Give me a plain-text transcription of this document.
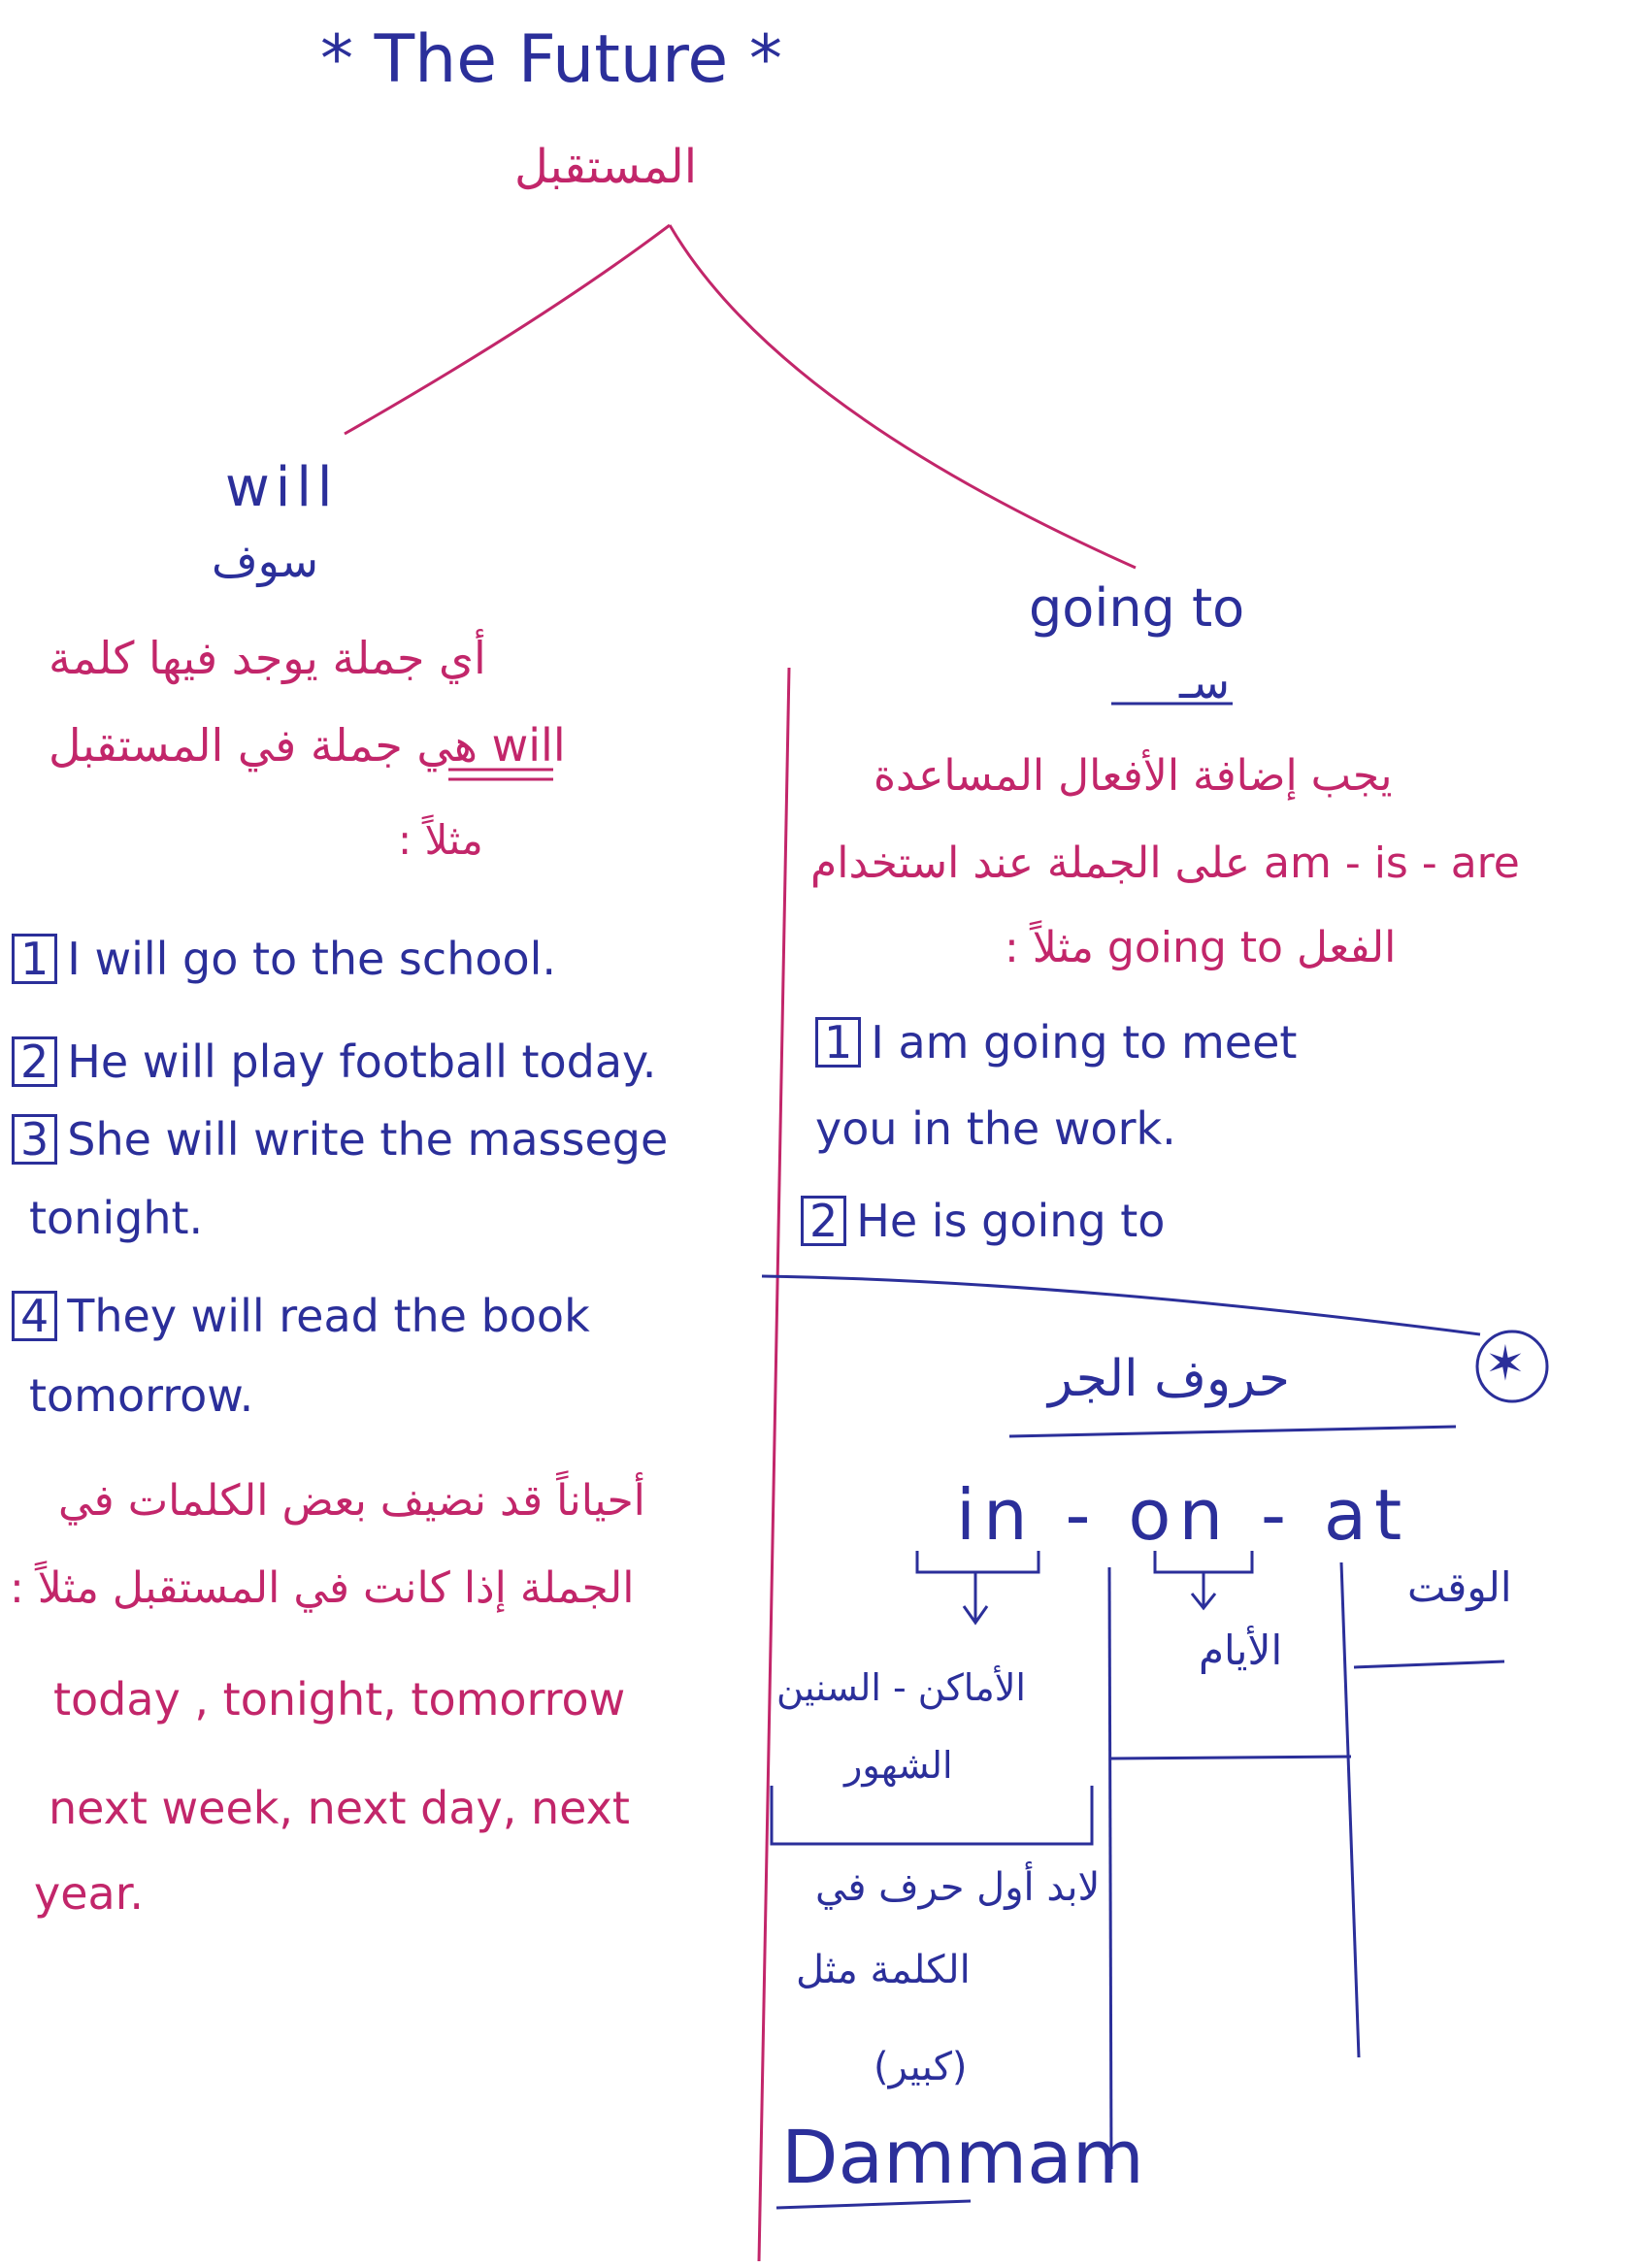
* The Future *
المستقبل
will
سوف
أي جملة يوجد فيها كلمة
will هي جملة في المستقبل
مثلاً :
1 I will go to the school.
2 He will play football today.
3 She will write the massege
tonight.
4 They will read the book
tomorrow.
أحياناً قد نضيف بعض الكلمات في
الجملة إذا كانت في المستقبل مثلاً :
today , tonight, tomorrow
next week, next day, next
year.
going to
سـ
يجب إضافة الأفعال المساعدة
am - is - are على الجملة عند استخدام
الفعل going to مثلاً :
1 I am going to meet
you in the work.
2 He is going to
✶
حروف الجر
in - on - at
الأماكن - السنين
الشهور
الأيام
الوقت
لابد أول حرف في
الكلمة مثل
(كبير)
Dammam
